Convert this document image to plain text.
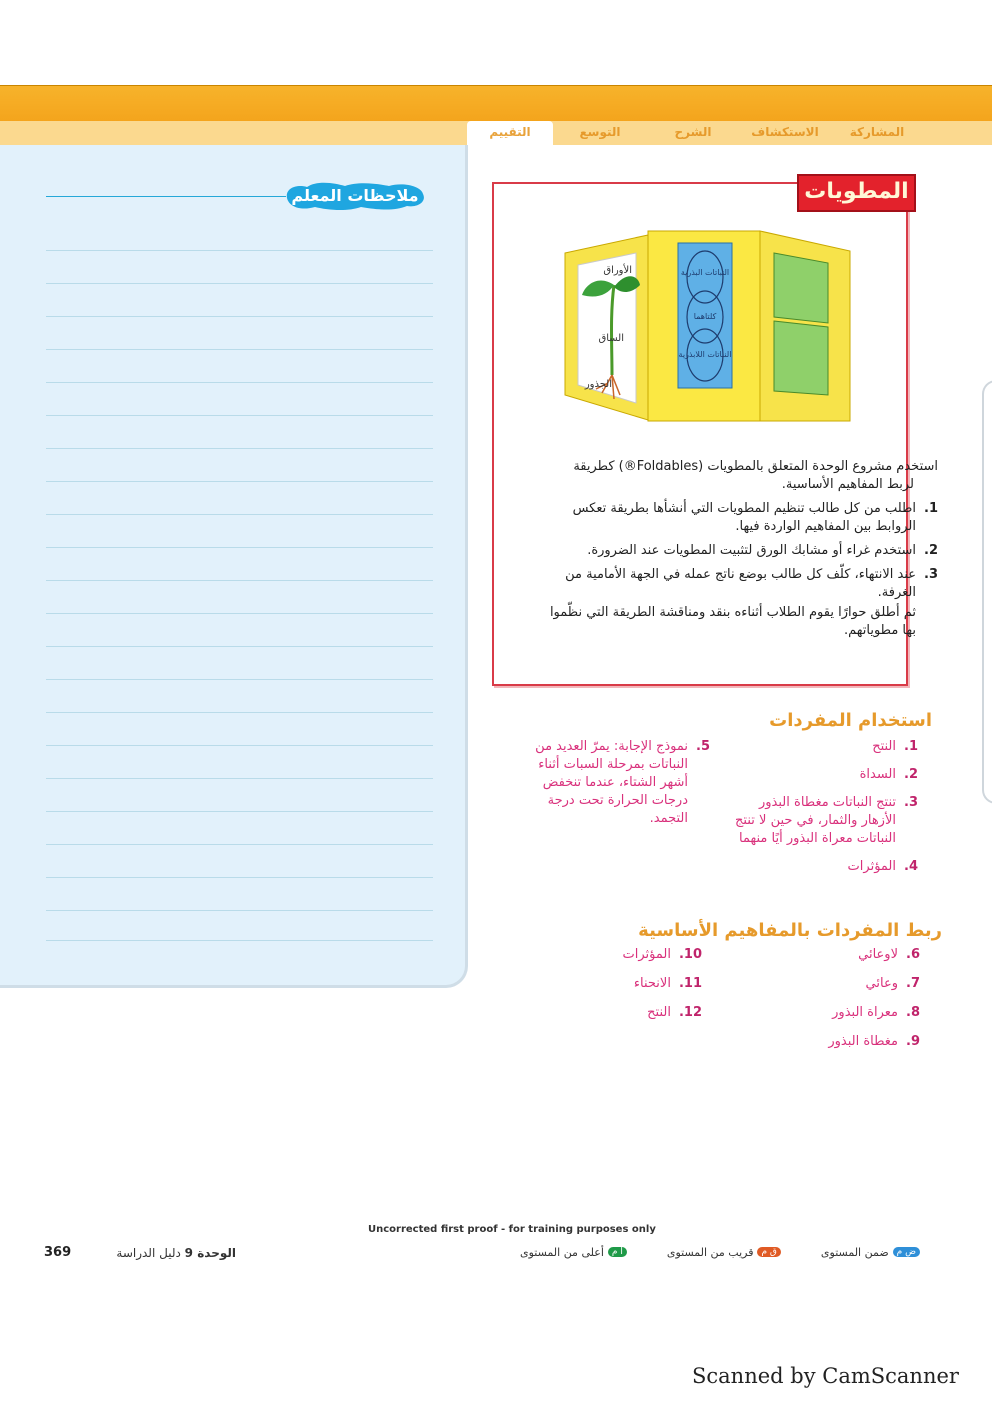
التقييم	التوسع	الشرح	الاستكشاف	المشاركة
ملاحظات المعلم	المطويات
الأوراق
الساق
الجذور
النباتات البذرية
كلتاهما
النباتات اللابذرية
استخدم مشروع الوحدة المتعلق بالمطويات (Foldables®) كطريقة
لربط المفاهيم الأساسية.
1.
اطلب من كل طالب تنظيم المطويات التي أنشأها بطريقة تعكس
الروابط بين المفاهيم الواردة فيها.
2.
استخدم غراء أو مشابك الورق لتثبيت المطويات عند الضرورة.
3.
عند الانتهاء، كلّف كل طالب بوضع ناتج عمله في الجهة الأمامية من
الغرفة.
ثم أطلق حوارًا يقوم الطلاب أثناءه بنقد ومناقشة الطريقة التي نظّموا
بها مطوياتهم.
استخدام المفردات
1.
النتح
2.
السداة
3.
تنتج النباتات مغطاة البذور
الأزهار والثمار، في حين لا تنتج
النباتات معراة البذور أيًا منهما
4.
المؤثرات
5.
نموذج الإجابة: يمرّ العديد من
النباتات بمرحلة السبات أثناء
أشهر الشتاء، عندما تنخفض
درجات الحرارة تحت درجة
التجمد.
ربط المفردات بالمفاهيم الأساسية
6.
لاوعائي
7.
وعائي
8.
معراة البذور
9.
مغطاة البذور
10.
المؤثرات
11.
الانحناء
12.
النتح
Uncorrected first proof - for training purposes only
ض م
ضمن المستوى
ق م
قريب من المستوى
أ م
أعلى من المستوى
369	الوحدة 9 دليل الدراسة
Scanned by CamScanner
